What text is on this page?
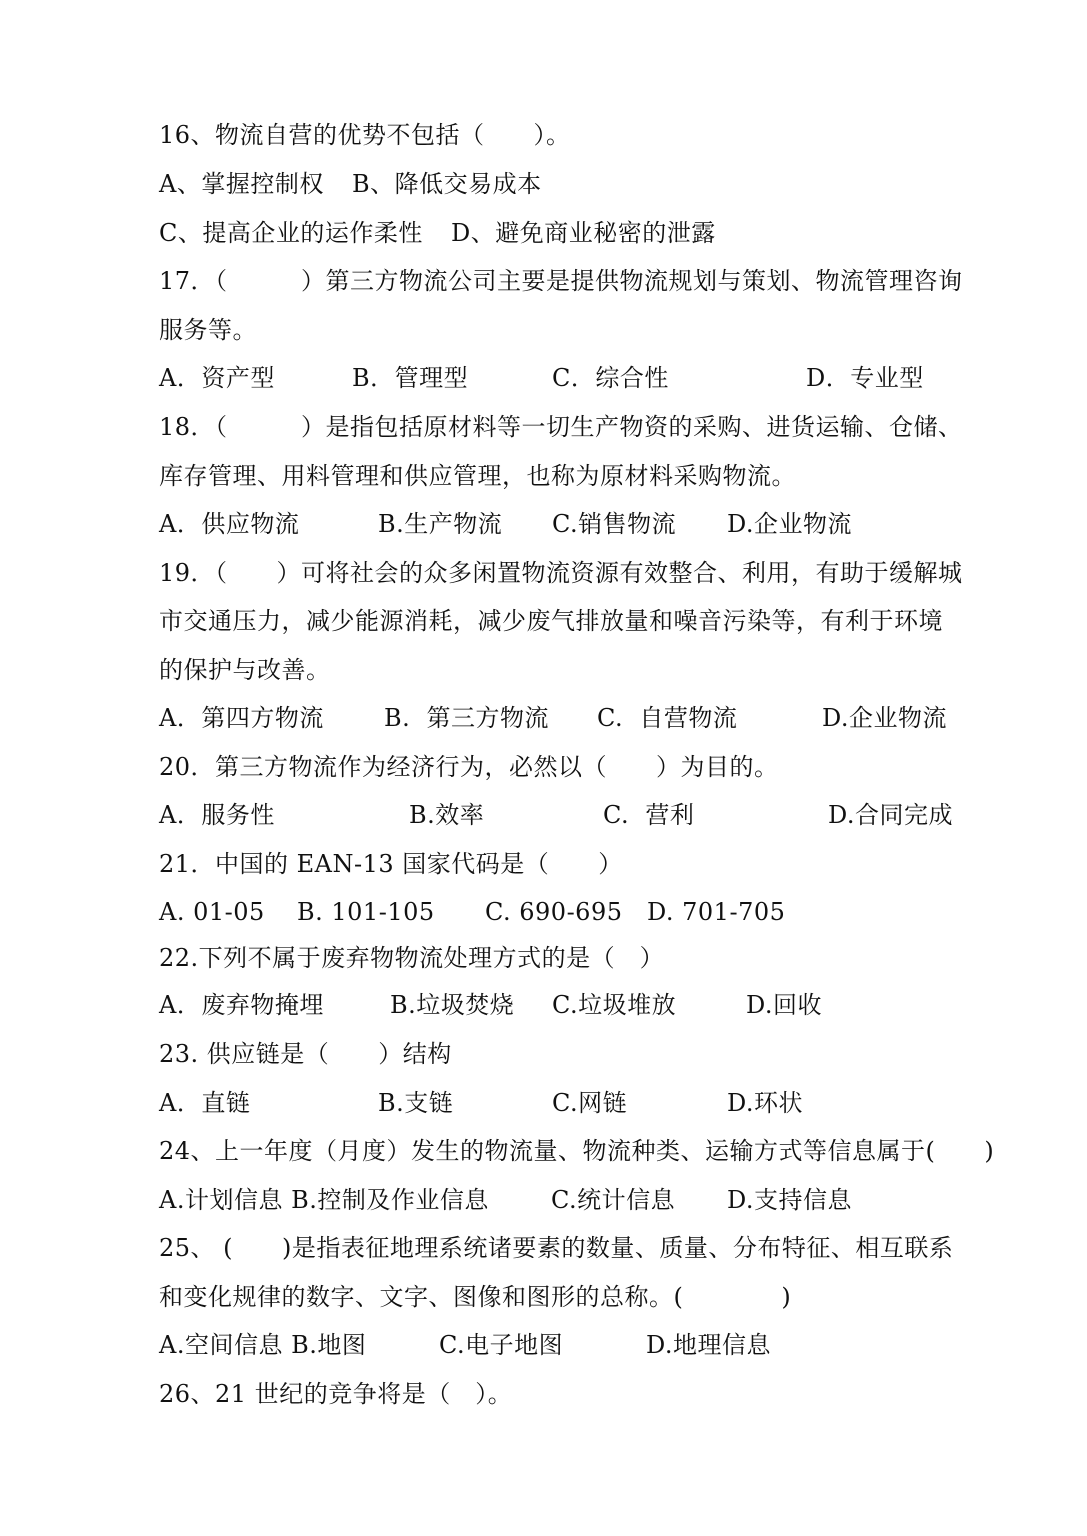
16、物流自营的优势不包括（　　）。
A、掌握控制权 B、降低交易成本
C、提高企业的运作柔性 D、避免商业秘密的泄露
17．（　　　）第三方物流公司主要是提供物流规划与策划、物流管理咨询
服务等。
A．资产型	B．管理型	C．综合性	D．专业型
18．（　　　）是指包括原材料等一切生产物资的采购、进货运输、仓储、
库存管理、用料管理和供应管理，也称为原材料采购物流。
A．供应物流	B.生产物流 C.销售物流 D.企业物流
19．（　　）可将社会的众多闲置物流资源有效整合、利用，有助于缓解城
市交通压力，减少能源消耗，减少废气排放量和噪音污染等，有利于环境
的保护与改善。
A．第四方物流	B.  第三方物流 C.  自营物流	D.企业物流
20．第三方物流作为经济行为，必然以（　　）为目的。
A．服务性	B.效率	C.  营利	D.合同完成
21．中国的 EAN-13 国家代码是（　　）
A. 01-05 B. 101-105 C. 690-695 D. 701-705
22.下列不属于废弃物物流处理方式的是（　）
A．废弃物掩埋	B.垃圾焚烧 C.垃圾堆放	D.回收
23. 供应链是（　　）结构
A．直链	B.支链	C.网链	D.环状
24、上一年度（月度）发生的物流量、物流种类、运输方式等信息属于(　　)
A.计划信息 B.控制及作业信息	C.统计信息 D.支持信息
25、 (　　)是指表征地理系统诸要素的数量、质量、分布特征、相互联系
和变化规律的数字、文字、图像和图形的总称。(　　　　)
A.空间信息 B.地图	C.电子地图	D.地理信息
26、21 世纪的竞争将是（　）。
